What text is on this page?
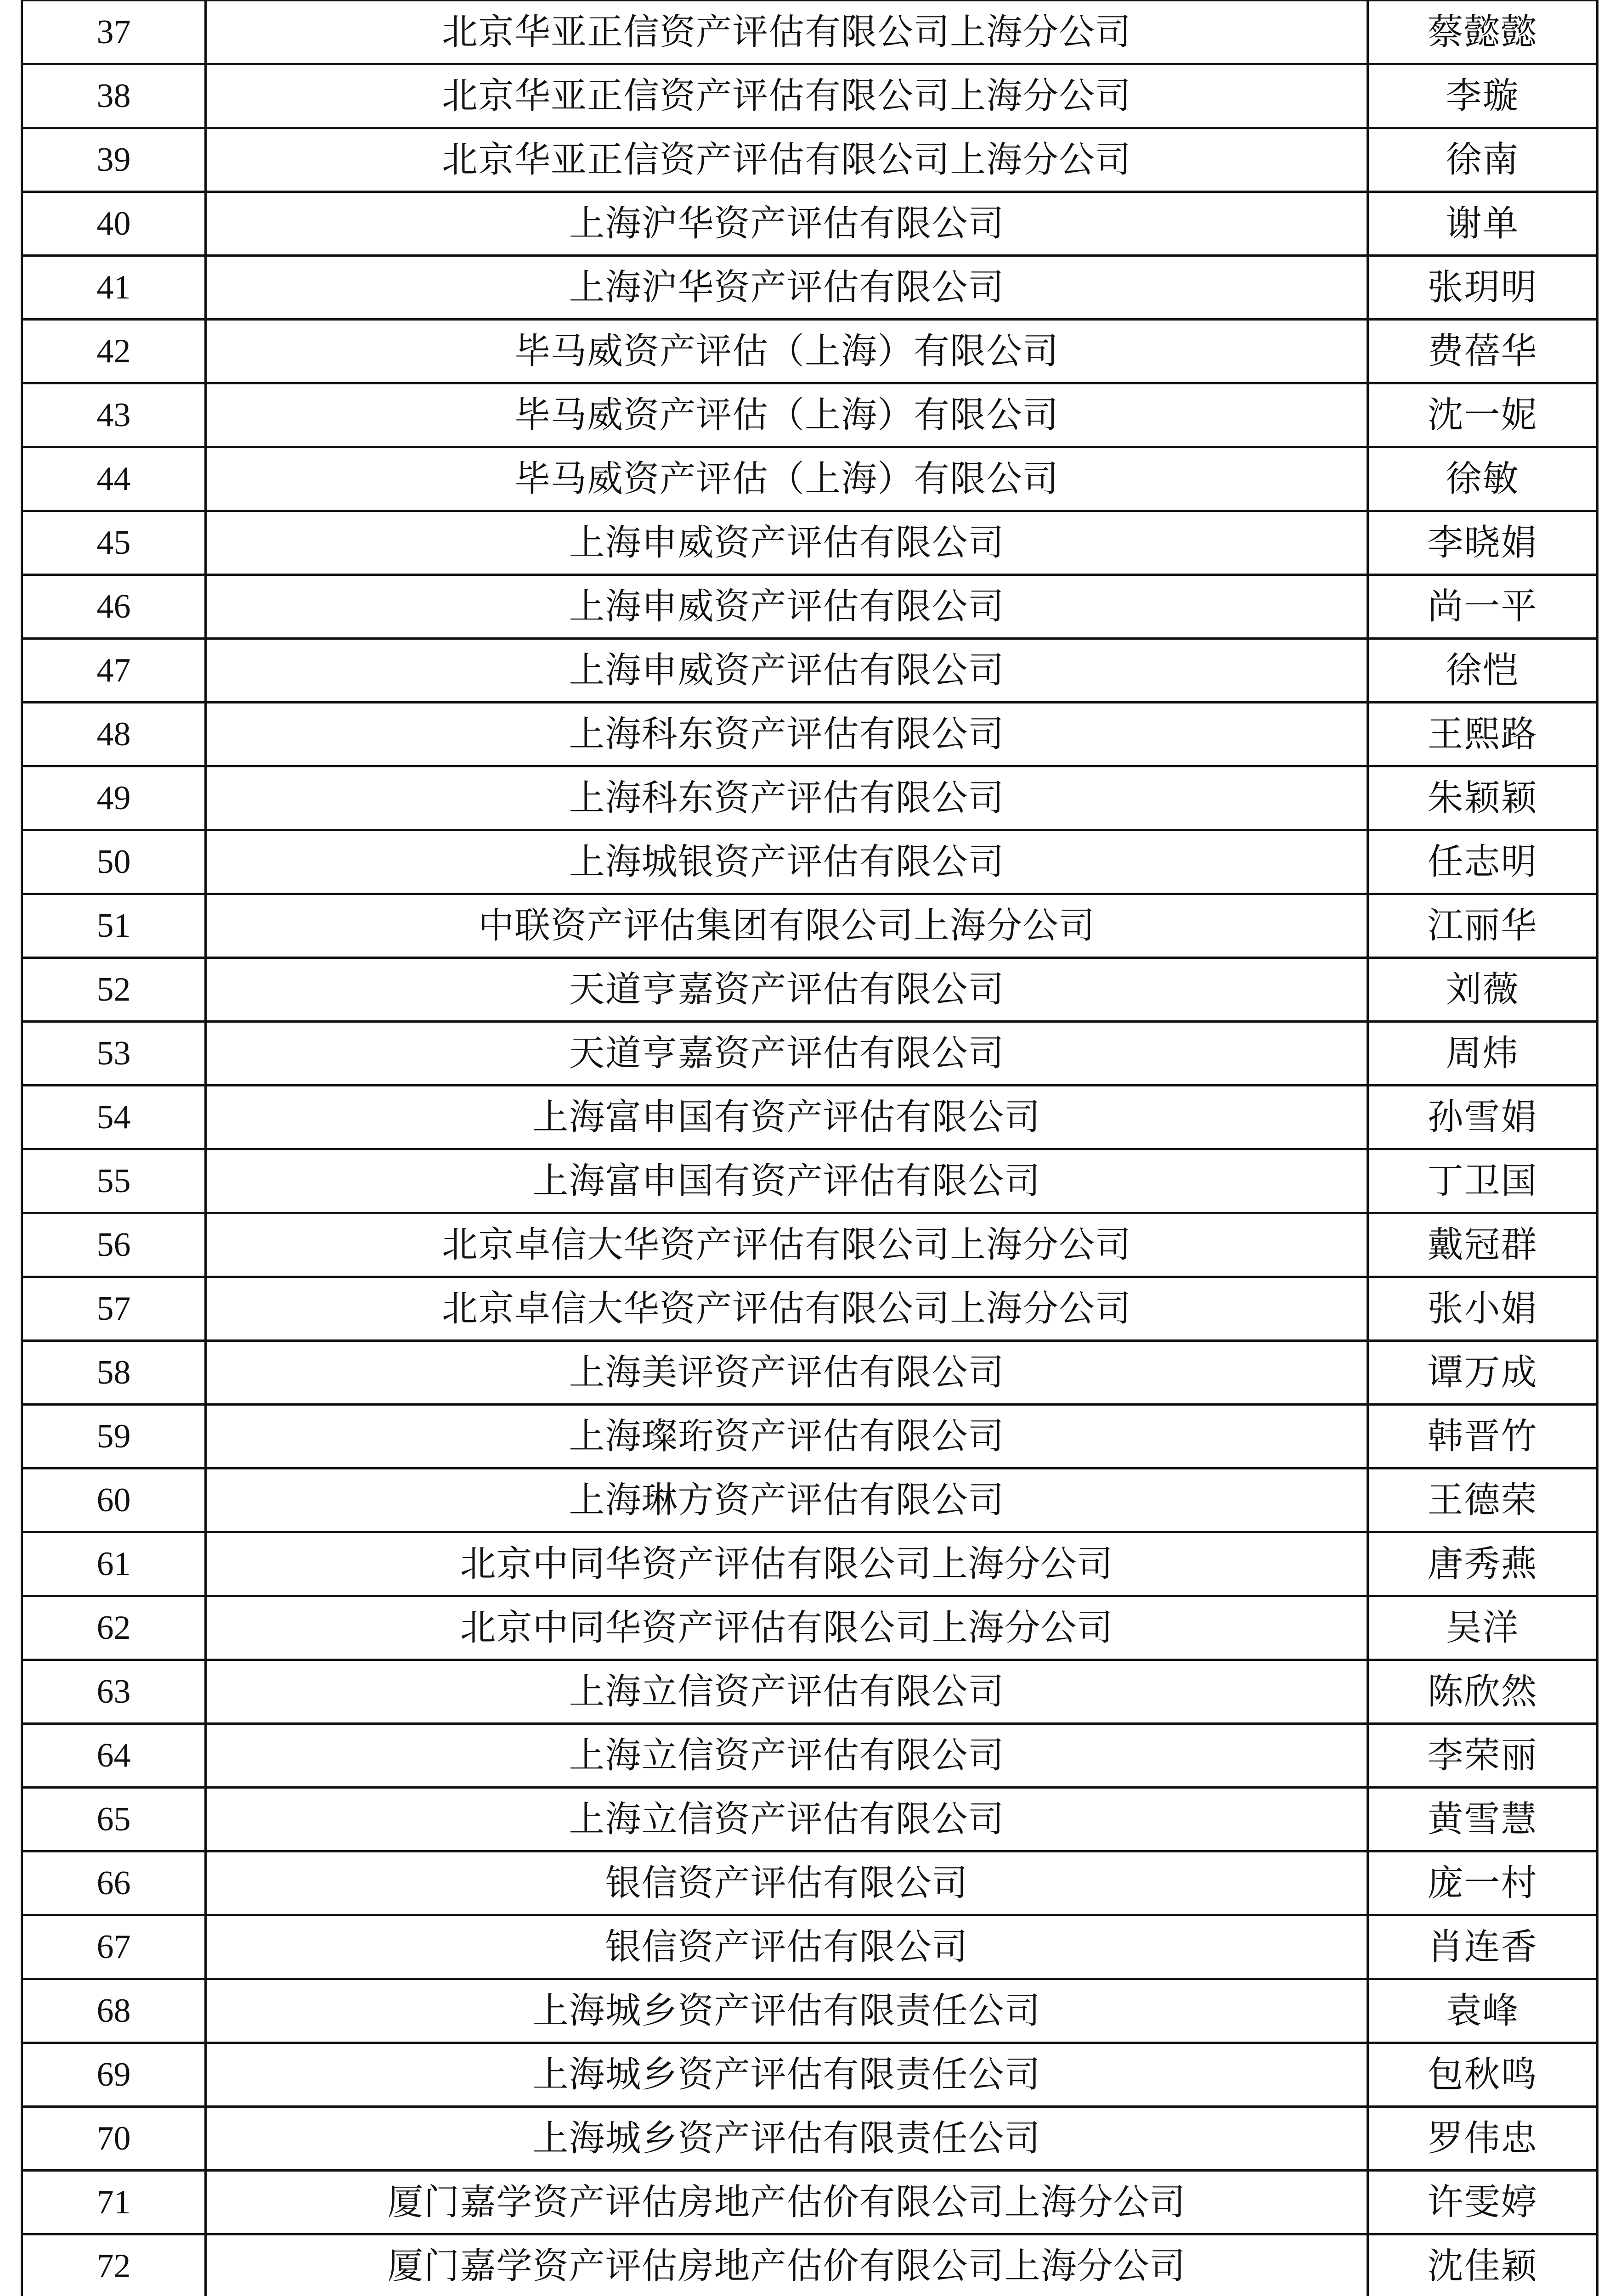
37	北京华亚正信资产评估有限公司上海分公司	蔡懿懿
38	北京华亚正信资产评估有限公司上海分公司	李璇
39	北京华亚正信资产评估有限公司上海分公司	徐南
40	上海沪华资产评估有限公司	谢单
41	上海沪华资产评估有限公司	张玥明
42	毕马威资产评估（上海）有限公司	费蓓华
43	毕马威资产评估（上海）有限公司	沈一妮
44	毕马威资产评估（上海）有限公司	徐敏
45	上海申威资产评估有限公司	李晓娟
46	上海申威资产评估有限公司	尚一平
47	上海申威资产评估有限公司	徐恺
48	上海科东资产评估有限公司	王熙路
49	上海科东资产评估有限公司	朱颖颖
50	上海城银资产评估有限公司	任志明
51	中联资产评估集团有限公司上海分公司	江丽华
52	天道亨嘉资产评估有限公司	刘薇
53	天道亨嘉资产评估有限公司	周炜
54	上海富申国有资产评估有限公司	孙雪娟
55	上海富申国有资产评估有限公司	丁卫国
56	北京卓信大华资产评估有限公司上海分公司	戴冠群
57	北京卓信大华资产评估有限公司上海分公司	张小娟
58	上海美评资产评估有限公司	谭万成
59	上海璨珩资产评估有限公司	韩晋竹
60	上海琳方资产评估有限公司	王德荣
61	北京中同华资产评估有限公司上海分公司	唐秀燕
62	北京中同华资产评估有限公司上海分公司	吴洋
63	上海立信资产评估有限公司	陈欣然
64	上海立信资产评估有限公司	李荣丽
65	上海立信资产评估有限公司	黄雪慧
66	银信资产评估有限公司	庞一村
67	银信资产评估有限公司	肖连香
68	上海城乡资产评估有限责任公司	袁峰
69	上海城乡资产评估有限责任公司	包秋鸣
70	上海城乡资产评估有限责任公司	罗伟忠
71	厦门嘉学资产评估房地产估价有限公司上海分公司	许雯婷
72	厦门嘉学资产评估房地产估价有限公司上海分公司	沈佳颖
